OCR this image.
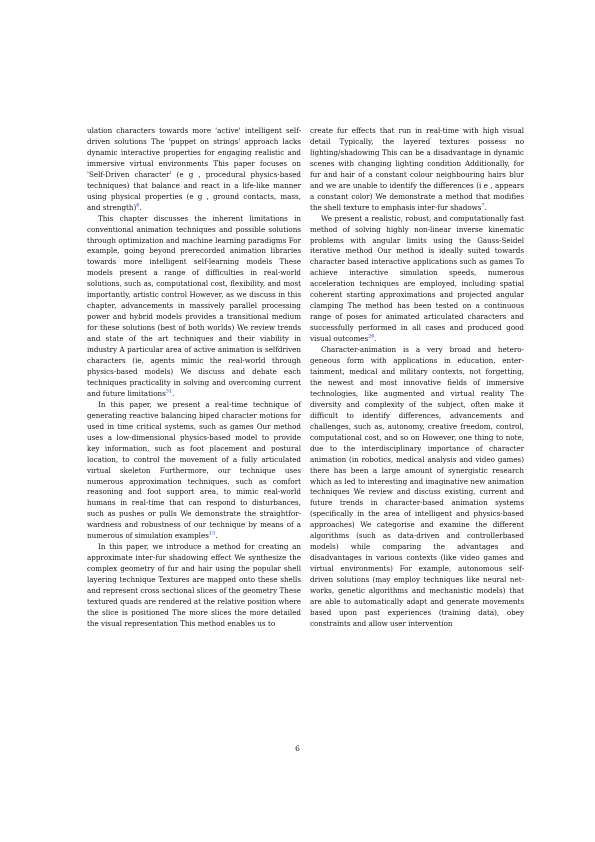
ulation characters towards more 'active' intelligent self-driven solutions The 'puppet on strings' approach lacks dynamic interactive properties for engaging realistic and immersive virtual environments This paper focuses on 'Self-Driven character' (e g , procedural physics-based techniques) that balance and react in a life-like manner using physical properties (e g , ground contacts, mass, and strength)$^6$.

This chapter discusses the inherent limitations in conventional animation techniques and possible solutions through optimization and machine learning paradigms For example, going beyond prerecorded animation libraries towards more intelligent self-learning models These models present a range of difficulties in real-world solutions, such as, computational cost, flexibility, and most importantly, artistic control However, as we discuss in this chapter, advancements in massively parallel processing power and hybrid models provides a transitional medium for these solutions (best of both worlds) We review trends and state of the art techniques and their viability in industry A particular area of active animation is selfdriven characters (ie, agents mimic the real-world through physics-based models) We discuss and debate each techniques practicality in solving and overcoming current and future limitations$^{31}$.

In this paper, we present a real-time technique of generating reactive balancing biped character motions for used in time critical systems, such as games Our method uses a low-dimensional physics-based model to provide key information, such as foot placement and postural location, to control the movement of a fully articulated virtual skeleton Furthermore, our technique uses numerous approximation techniques, such as comfort reasoning and foot support area, to mimic real-world humans in real-time that can respond to disturbances, such as pushes or pulls We demonstrate the straightforwardness and robustness of our technique by means of a numerous of simulation examples$^{13}$.

In this paper, we introduce a method for creating an approximate inter-fur shadowing effect We synthesize the complex geometry of fur and hair using the popular shell layering technique Textures are mapped onto these shells and represent cross sectional slices of the geometry These textured quads are rendered at the relative position where the slice is positioned The more slices the more detailed the visual representation This method enables us to

create fur effects that run in real-time with high visual detail Typically, the layered textures possess no lighting/shadowing This can be a disadvantage in dynamic scenes with changing lighting condition Additionally, for fur and hair of a constant colour neighbouring hairs blur and we are unable to identify the differences (i e , appears a constant color) We demonstrate a method that modifies the shell texture to emphasis inter-fur shadows$^7$.

We present a realistic, robust, and computationally fast method of solving highly non-linear inverse kinematic problems with angular limits using the Gauss-Seidel iterative method Our method is ideally suited towards character based interactive applications such as games To achieve interactive simulation speeds, numerous acceleration techniques are employed, including spatial coherent starting approximations and projected angular clamping The method has been tested on a continuous range of poses for animated articulated characters and successfully performed in all cases and produced good visual outcomes$^{26}$.

Character-animation is a very broad and heterogeneous form with applications in education, entertainment, medical and military contexts, not forgetting, the newest and most innovative fields of immersive technologies, like augmented and virtual reality The diversity and complexity of the subject, often make it difficult to identify differences, advancements and challenges, such as, autonomy, creative freedom, control, computational cost, and so on However, one thing to note, due to the interdisciplinary importance of character animation (in robotics, medical analysis and video games) there has been a large amount of synergistic research which as led to interesting and imaginative new animation techniques We review and discuss existing, current and future trends in character-based animation systems (specifically in the area of intelligent and physics-based approaches) We categorise and examine the different algorithms (such as data-driven and controllerbased models) while comparing the advantages and disadvantages in various contexts (like video games and virtual environments) For example, autonomous self-driven solutions (may employ techniques like neural networks, genetic algorithms and mechanistic models) that are able to automatically adapt and generate movements based upon past experiences (training data), obey constraints and allow user intervention

6
